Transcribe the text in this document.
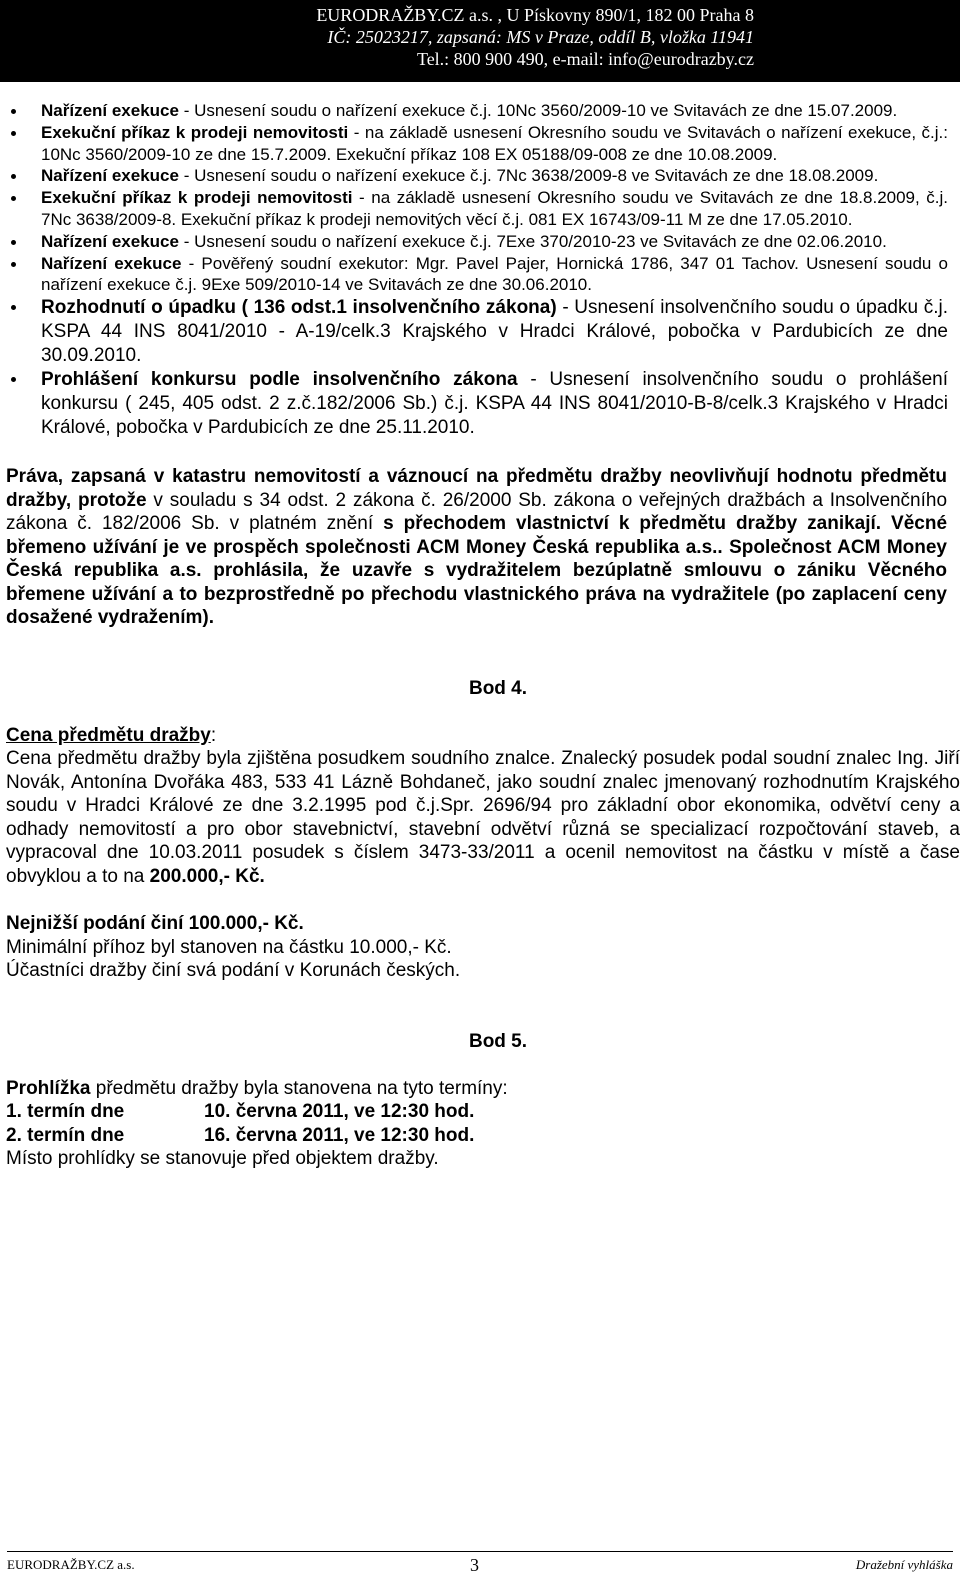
EURODRAŽBY.CZ a.s. , U Pískovny 890/1, 182 00 Praha 8
IČ: 25023217, zapsaná: MS v Praze, oddíl B, vložka 11941
Tel.: 800 900 490, e-mail: info@eurodrazby.cz
Nařízení exekuce - Usnesení soudu o nařízení exekuce č.j. 10Nc 3560/2009-10 ve Svitavách ze dne 15.07.2009.
Exekuční příkaz k prodeji nemovitosti - na základě usnesení Okresního soudu ve Svitavách o nařízení exekuce, č.j.: 10Nc 3560/2009-10 ze dne 15.7.2009. Exekuční příkaz 108 EX 05188/09-008 ze dne 10.08.2009.
Nařízení exekuce - Usnesení soudu o nařízení exekuce č.j. 7Nc 3638/2009-8 ve Svitavách ze dne 18.08.2009.
Exekuční příkaz k prodeji nemovitosti - na základě usnesení Okresního soudu ve Svitavách ze dne 18.8.2009, č.j. 7Nc 3638/2009-8. Exekuční příkaz k prodeji nemovitých věcí č.j. 081 EX 16743/09-11 M ze dne 17.05.2010.
Nařízení exekuce - Usnesení soudu o nařízení exekuce č.j. 7Exe 370/2010-23 ve Svitavách ze dne 02.06.2010.
Nařízení exekuce - Pověřený soudní exekutor: Mgr. Pavel Pajer, Hornická 1786, 347 01 Tachov. Usnesení soudu o nařízení exekuce č.j. 9Exe 509/2010-14 ve Svitavách ze dne 30.06.2010.
Rozhodnutí o úpadku ( 136 odst.1 insolvenčního zákona) - Usnesení insolvenčního soudu o úpadku č.j. KSPA 44 INS 8041/2010 - A-19/celk.3 Krajského v Hradci Králové, pobočka v Pardubicích ze dne 30.09.2010.
Prohlášení konkursu podle insolvenčního zákona - Usnesení insolvenčního soudu o prohlášení konkursu ( 245, 405 odst. 2 z.č.182/2006 Sb.) č.j. KSPA 44 INS 8041/2010-B-8/celk.3 Krajského v Hradci Králové, pobočka v Pardubicích ze dne 25.11.2010.

Práva, zapsaná v katastru nemovitostí a váznoucí na předmětu dražby neovlivňují hodnotu předmětu dražby, protože v souladu s 34 odst. 2 zákona č. 26/2000 Sb. zákona o veřejných dražbách a Insolvenčního zákona č. 182/2006 Sb. v platném znění s přechodem vlastnictví k předmětu dražby zanikají. Věcné břemeno užívání je ve prospěch společnosti ACM Money Česká republika a.s.. Společnost ACM Money Česká republika a.s. prohlásila, že uzavře s vydražitelem bezúplatně smlouvu o zániku Věcného břemene užívání a to bezprostředně po přechodu vlastnického práva na vydražitele (po zaplacení ceny dosažené vydražením).

Bod 4.
Cena předmětu dražby:

Cena předmětu dražby byla zjištěna posudkem soudního znalce. Znalecký posudek podal soudní znalec Ing. Jiří Novák, Antonína Dvořáka 483, 533 41 Lázně Bohdaneč, jako soudní znalec jmenovaný rozhodnutím Krajského soudu v Hradci Králové ze dne 3.2.1995 pod č.j.Spr. 2696/94 pro základní obor ekonomika, odvětví ceny a odhady nemovitostí a pro obor stavebnictví, stavební odvětví různá se specializací rozpočtování staveb, a vypracoval dne 10.03.2011 posudek s číslem 3473-33/2011 a ocenil nemovitost na částku v místě a čase obvyklou a to na 200.000,- Kč.

Nejnižší podání činí 100.000,- Kč.
Minimální příhoz byl stanoven na částku 10.000,- Kč.
Účastníci dražby činí svá podání v Korunách českých.
Bod 5.
Prohlížka předmětu dražby byla stanovena na tyto termíny:
1. termín dne	10. června 2011, ve 12:30 hod.
2. termín dne	16. června 2011, ve 12:30 hod.
Místo prohlídky se stanovuje před objektem dražby.
EURODRAŽBY.CZ a.s.	3	Dražební vyhláška
